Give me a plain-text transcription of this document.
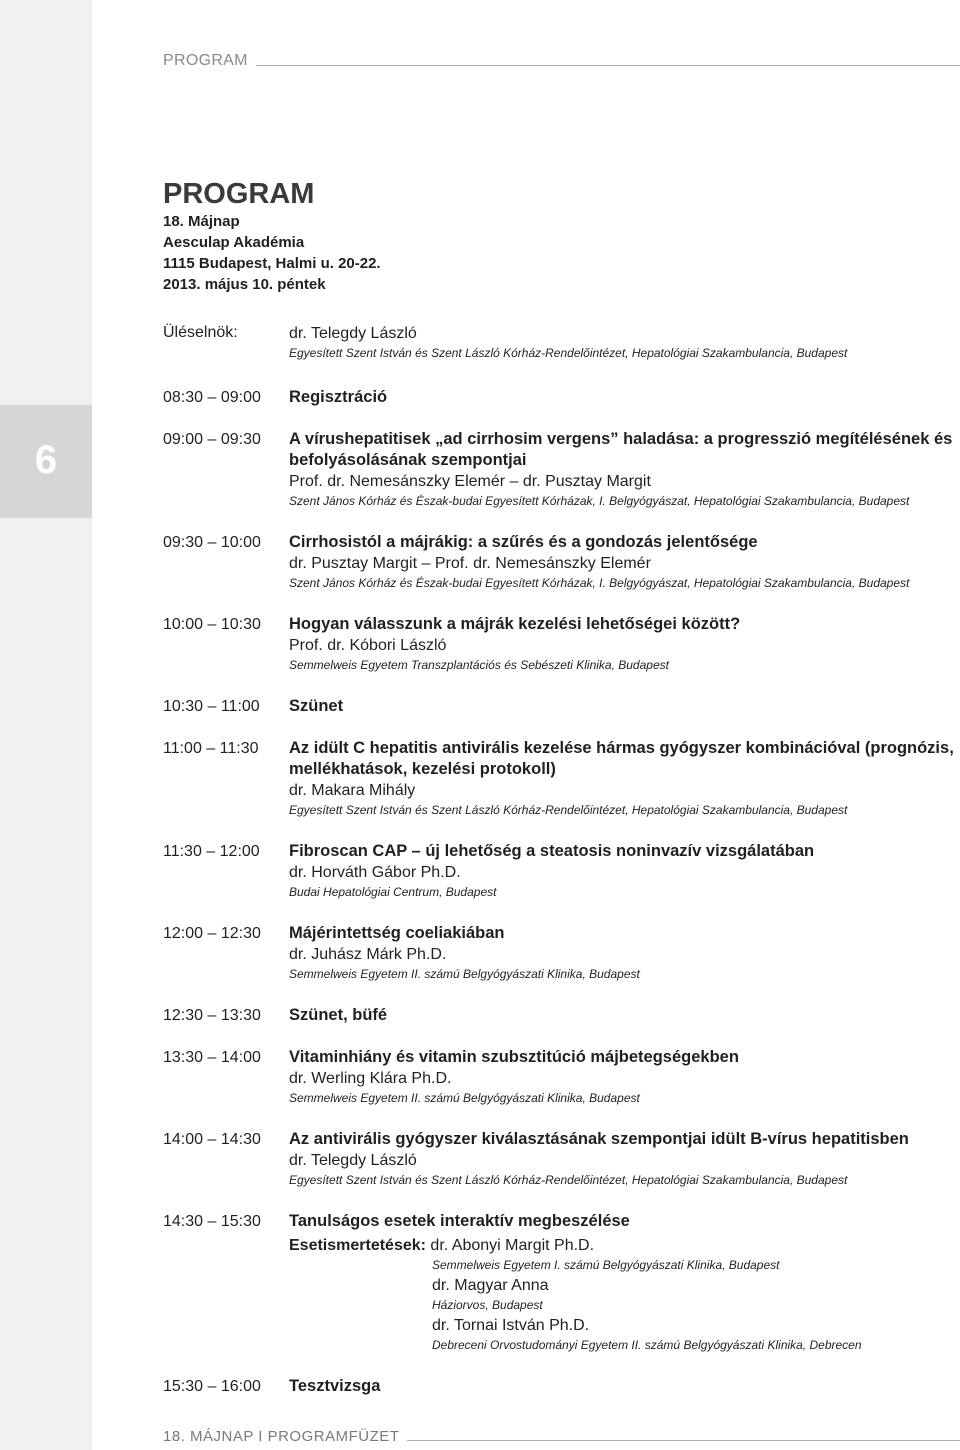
6
PROGRAM
PROGRAM
18. Májnap
Aesculap Akadémia
1115 Budapest, Halmi u. 20-22.
2013. május 10. péntek
Üléselnök:	dr. Telegdy László
Egyesített Szent István és Szent László Kórház-Rendelőintézet, Hepatológiai Szakambulancia, Budapest
08:30 – 09:00 Regisztráció
09:00 – 09:30 A vírushepatitisek „ad cirrhosim vergens” haladása: a progresszió megítélésének és befolyásolásának szempontjai
Prof. dr. Nemesánszky Elemér – dr. Pusztay Margit
Szent János Kórház és Észak-budai Egyesített Kórházak, I. Belgyógyászat, Hepatológiai Szakambulancia, Budapest
09:30 – 10:00 Cirrhosistól a májrákig: a szűrés és a gondozás jelentősége
dr. Pusztay Margit – Prof. dr. Nemesánszky Elemér
Szent János Kórház és Észak-budai Egyesített Kórházak, I. Belgyógyászat, Hepatológiai Szakambulancia, Budapest
10:00 – 10:30 Hogyan válasszunk a májrák kezelési lehetőségei között?
Prof. dr. Kóbori László
Semmelweis Egyetem Transzplantációs és Sebészeti Klinika, Budapest
10:30 – 11:00 Szünet
11:00 – 11:30 Az idült C hepatitis antivirális kezelése hármas gyógyszer kombinációval (prognózis, mellékhatások, kezelési protokoll)
dr. Makara Mihály
Egyesített Szent István és Szent László Kórház-Rendelőintézet, Hepatológiai Szakambulancia, Budapest
11:30 – 12:00 Fibroscan CAP – új lehetőség a steatosis noninvazív vizsgálatában
dr. Horváth Gábor Ph.D.
Budai Hepatológiai Centrum, Budapest
12:00 – 12:30 Májérintettség coeliakiában
dr. Juhász Márk Ph.D.
Semmelweis Egyetem II. számú Belgyógyászati Klinika, Budapest
12:30 – 13:30 Szünet, büfé
13:30 – 14:00 Vitaminhiány és vitamin szubsztitúció májbetegségekben
dr. Werling Klára Ph.D.
Semmelweis Egyetem II. számú Belgyógyászati Klinika, Budapest
14:00 – 14:30 Az antivirális gyógyszer kiválasztásának szempontjai idült B-vírus hepatitisben
dr. Telegdy László
Egyesített Szent István és Szent László Kórház-Rendelőintézet, Hepatológiai Szakambulancia, Budapest
14:30 – 15:30 Tanulságos esetek interaktív megbeszélése
Esetismertetések: dr. Abonyi Margit Ph.D.
Semmelweis Egyetem I. számú Belgyógyászati Klinika, Budapest
dr. Magyar Anna
Háziorvos, Budapest
dr. Tornai István Ph.D.
Debreceni Orvostudományi Egyetem II. számú Belgyógyászati Klinika, Debrecen
15:30 – 16:00 Tesztvizsga
18. MÁJNAP I PROGRAMFÜZET
